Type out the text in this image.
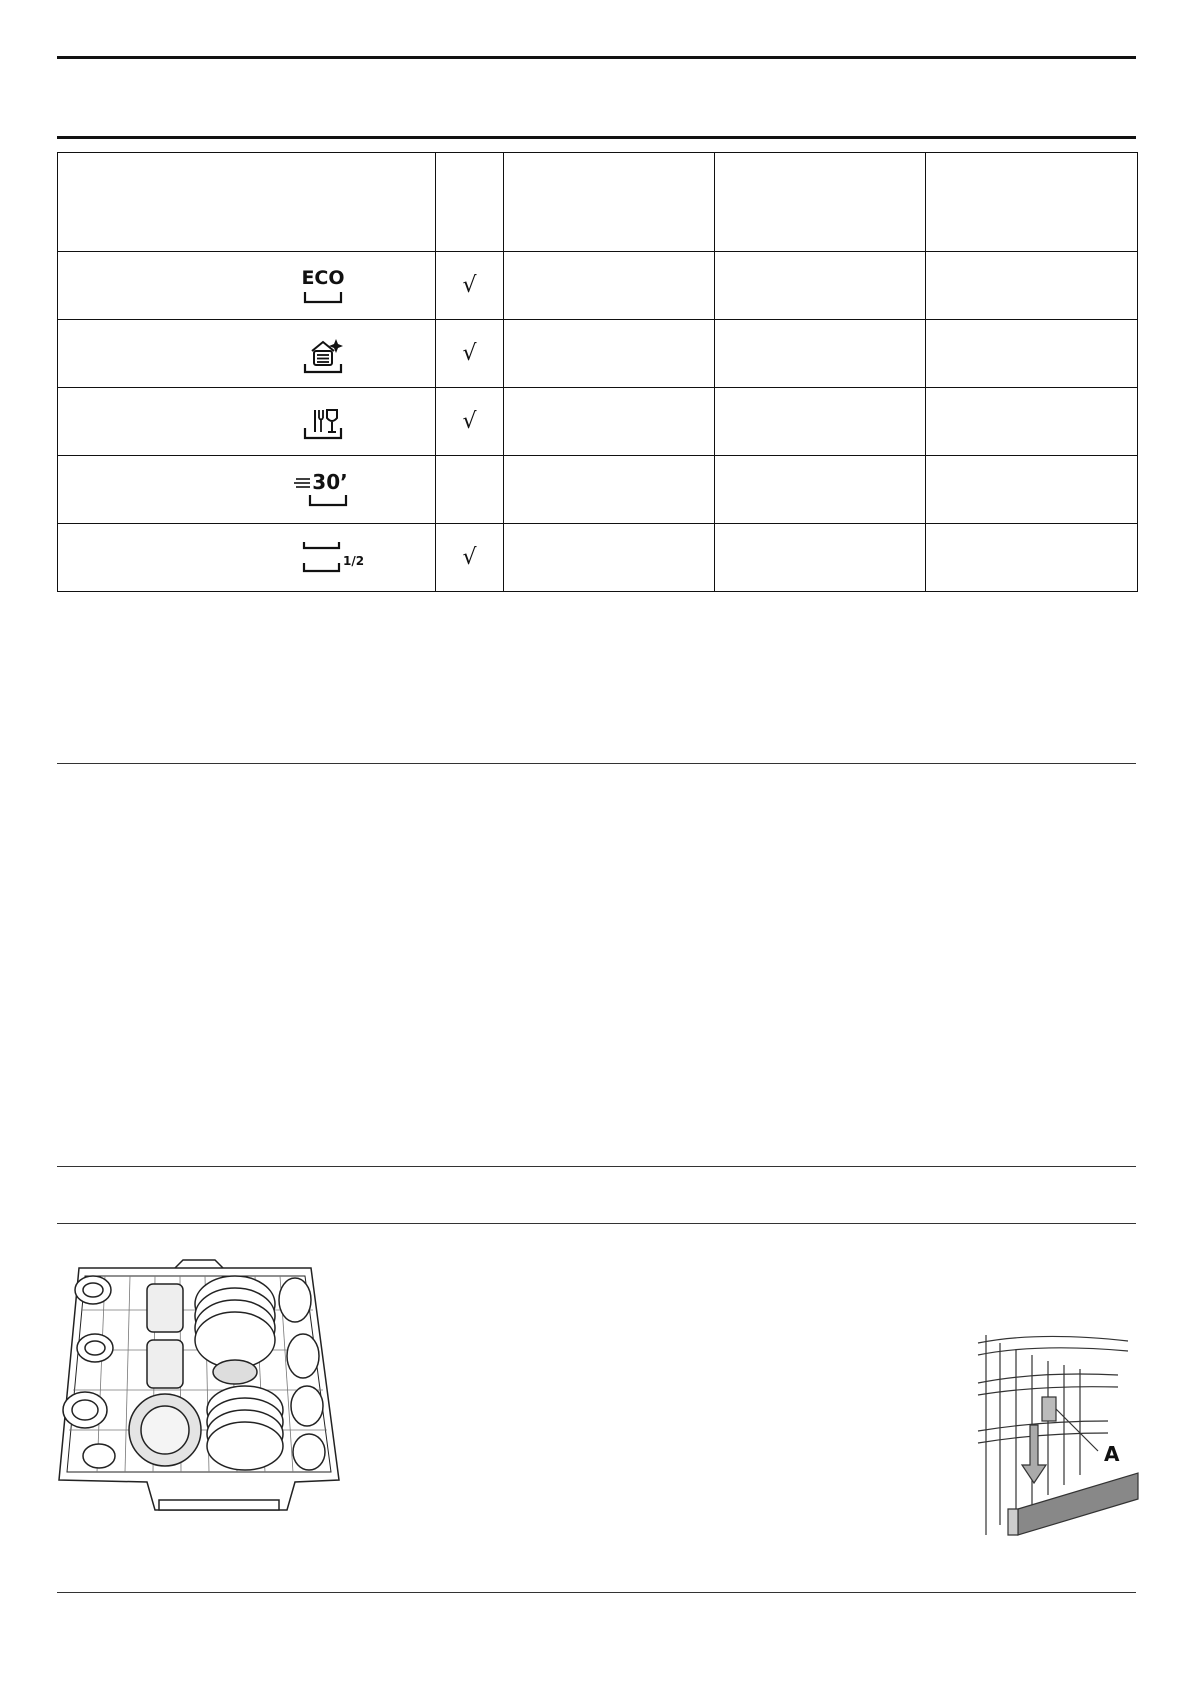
ECO	√			

	√			

	√			

30’				

1/2	√			
A
